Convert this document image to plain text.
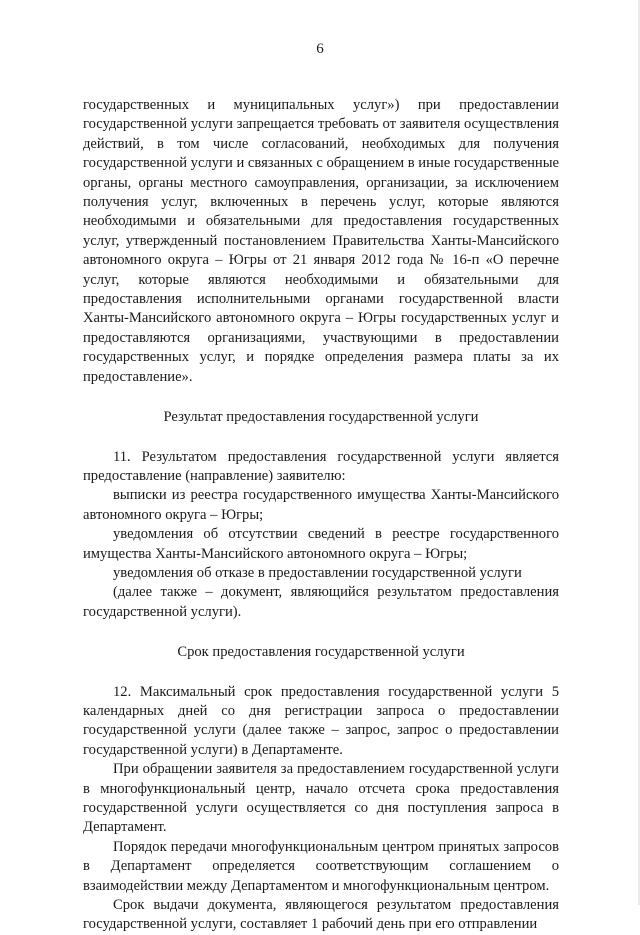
6

государственных и муниципальных услуг») при предоставлении государственной услуги запрещается требовать от заявителя осуществления действий, в том числе согласований, необходимых для получения государственной услуги и связанных с обращением в иные государственные органы, органы местного самоуправления, организации, за исключением получения услуг, включенных в перечень услуг, которые являются необходимыми и обязательными для предоставления государственных услуг, утвержденный постановлением Правительства Ханты-Мансийского автономного округа – Югры от 21 января 2012 года № 16-п «О перечне услуг, которые являются необходимыми и обязательными для предоставления исполнительными органами государственной власти Ханты-Мансийского автономного округа – Югры государственных услуг и предоставляются организациями, участвующими в предоставлении государственных услуг, и порядке определения размера платы за их предоставление».

Результат предоставления государственной услуги

11. Результатом предоставления государственной услуги является предоставление (направление) заявителю:

выписки из реестра государственного имущества Ханты-Мансийского автономного округа – Югры;

уведомления об отсутствии сведений в реестре государственного имущества Ханты-Мансийского автономного округа – Югры;

уведомления об отказе в предоставлении государственной услуги

(далее также – документ, являющийся результатом предоставления государственной услуги).

Срок предоставления государственной услуги

12. Максимальный срок предоставления государственной услуги 5 календарных дней со дня регистрации запроса о предоставлении государственной услуги (далее также – запрос, запрос о предоставлении государственной услуги) в Департаменте.

При обращении заявителя за предоставлением государственной услуги в многофункциональный центр, начало отсчета срока предоставления государственной услуги осуществляется со дня поступления запроса в Департамент.

Порядок передачи многофункциональным центром принятых запросов в Департамент определяется соответствующим соглашением о взаимодействии между Департаментом и многофункциональным центром.

Срок выдачи документа, являющегося результатом предоставления государственной услуги, составляет 1 рабочий день при его отправлении
